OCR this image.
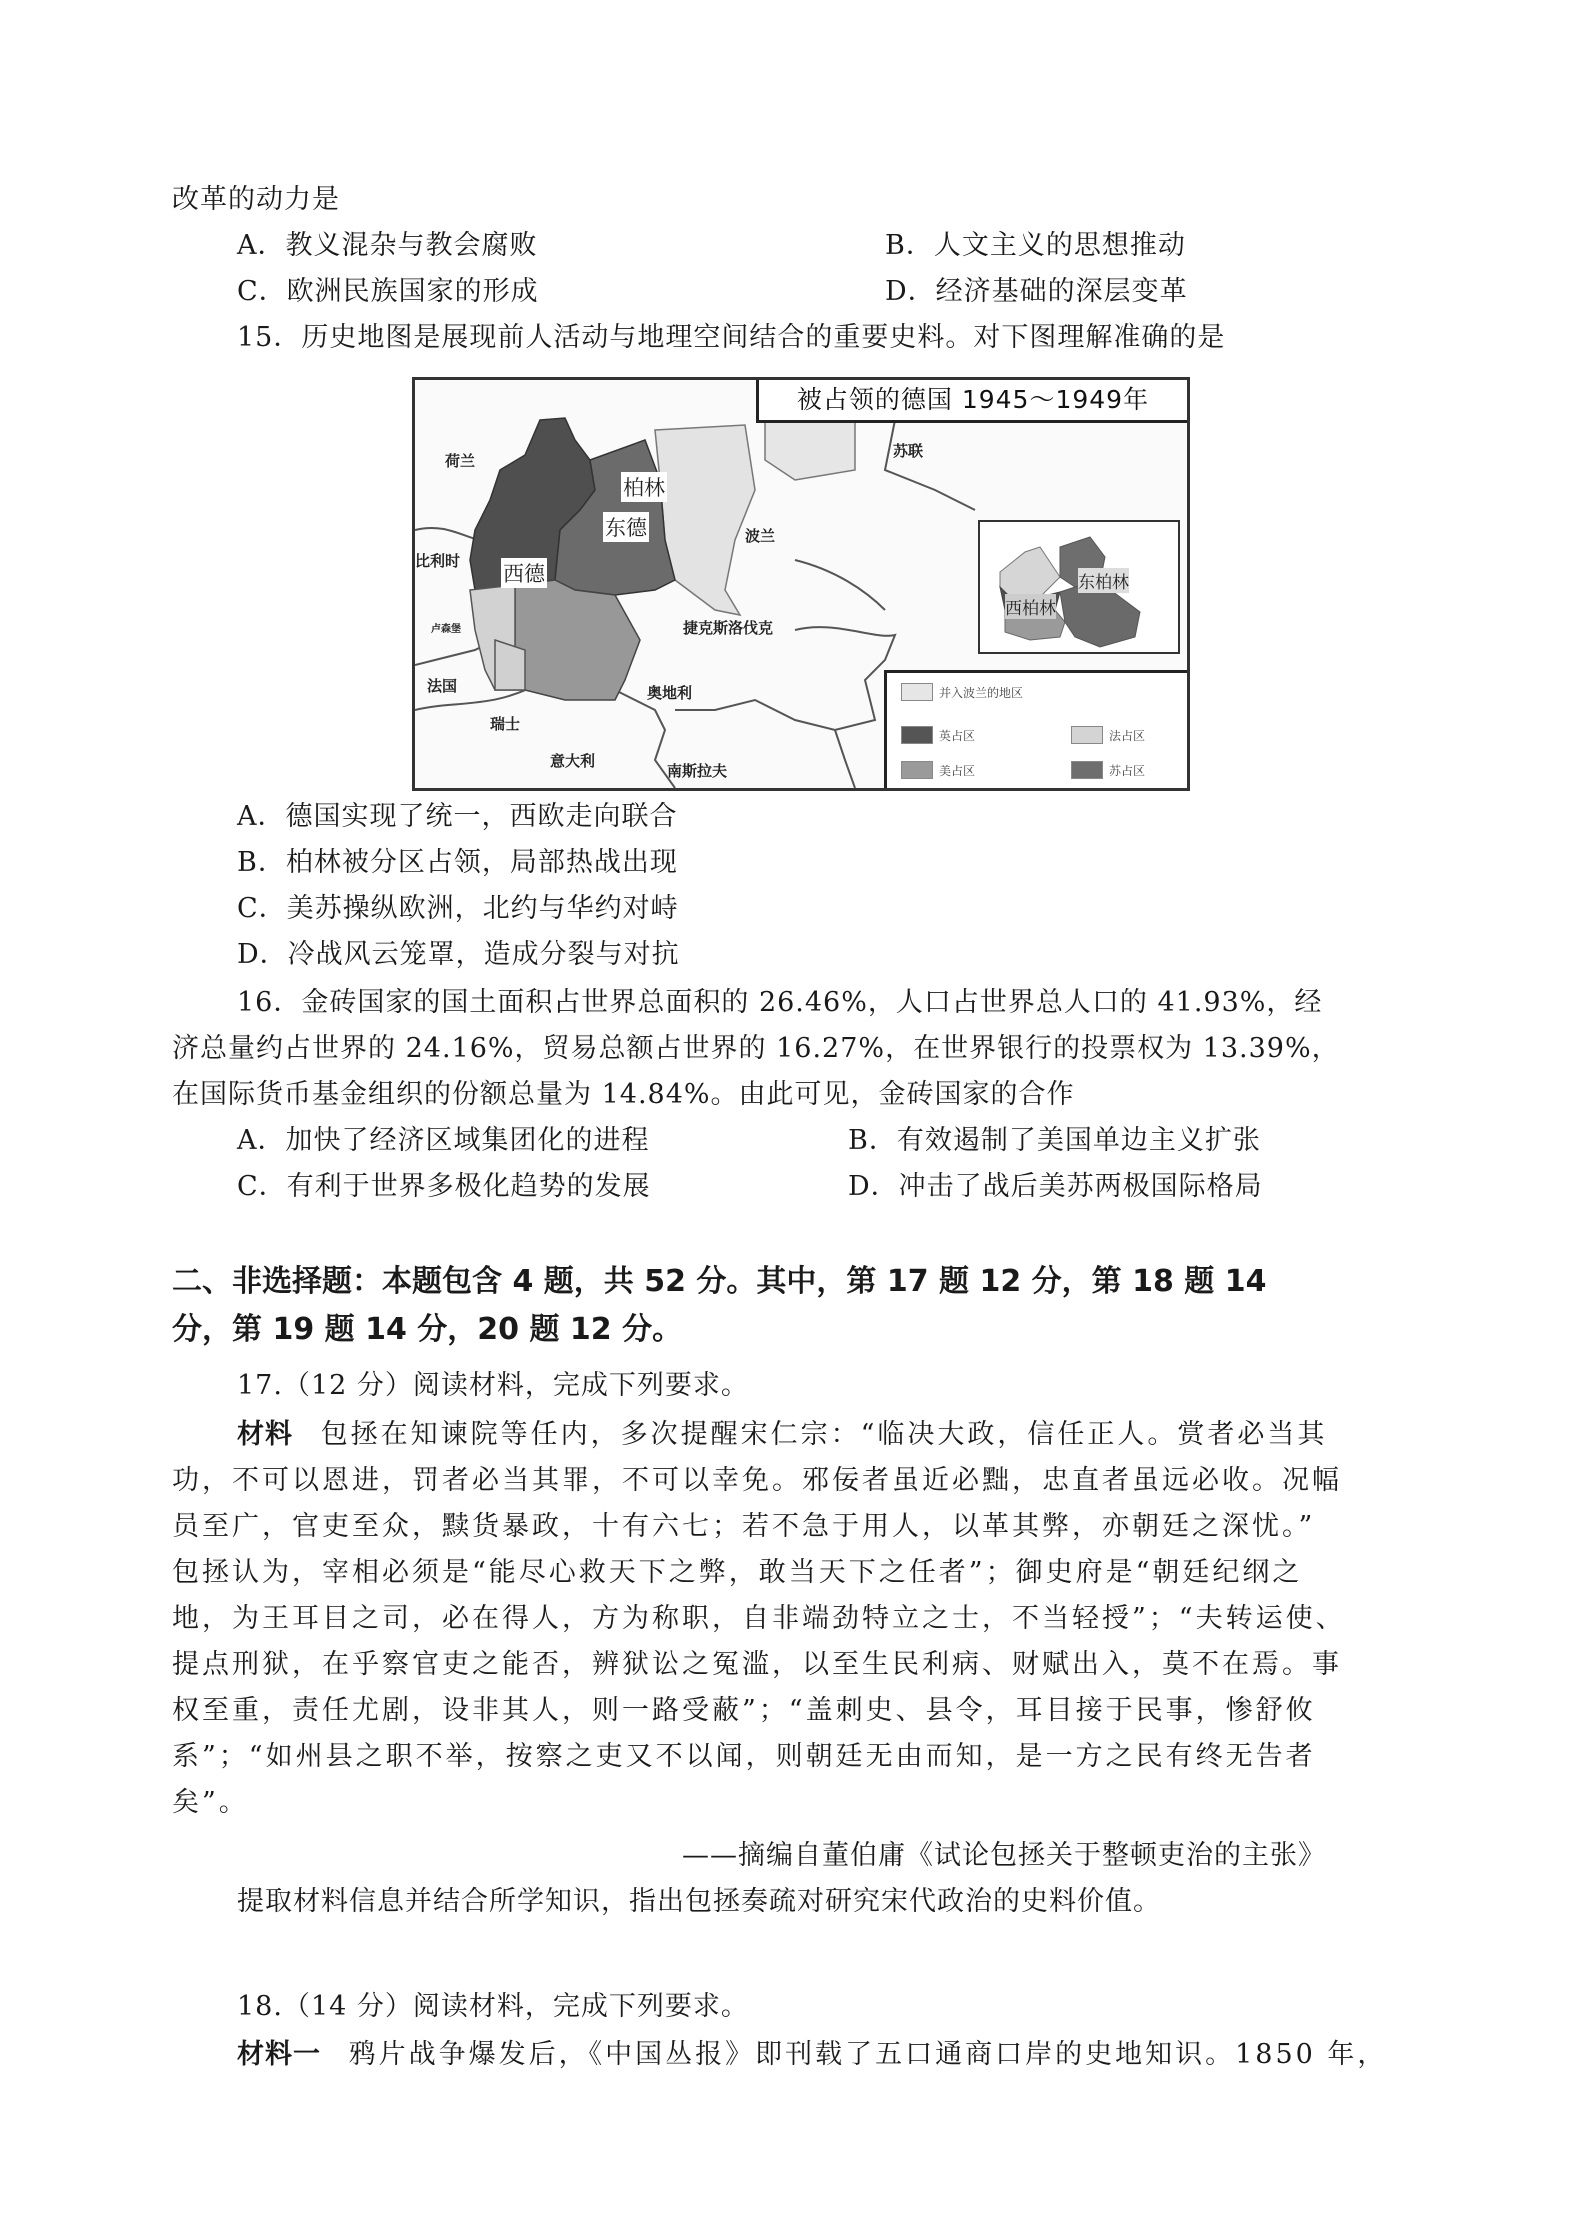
改革的动力是
A．教义混杂与教会腐败	B．人文主义的思想推动
C．欧洲民族国家的形成	D．经济基础的深层变革
15．历史地图是展现前人活动与地理空间结合的重要史料。对下图理解准确的是
被占领的德国 1945～1949年
荷兰
比利时
卢森堡
法国
瑞士
意大利
奥地利
南斯拉夫
捷克斯洛伐克
波兰
苏联
柏林
东德
西德	东柏林
西柏林
并入波兰的地区
英占区	法占区
美占区	苏占区
A．德国实现了统一，西欧走向联合
B．柏林被分区占领，局部热战出现
C．美苏操纵欧洲，北约与华约对峙
D．冷战风云笼罩，造成分裂与对抗
16．金砖国家的国土面积占世界总面积的 26.46%，人口占世界总人口的 41.93%，经
济总量约占世界的 24.16%，贸易总额占世界的 16.27%，在世界银行的投票权为 13.39%，
在国际货币基金组织的份额总量为 14.84%。由此可见，金砖国家的合作
A．加快了经济区域集团化的进程	B．有效遏制了美国单边主义扩张
C．有利于世界多极化趋势的发展	D．冲击了战后美苏两极国际格局
二、非选择题：本题包含 4 题，共 52 分。其中，第 17 题 12 分，第 18 题 14
分，第 19 题 14 分，20 题 12 分。
17.（12 分）阅读材料，完成下列要求。
材料 包拯在知谏院等任内，多次提醒宋仁宗：“临决大政，信任正人。赏者必当其
功，不可以恩进，罚者必当其罪，不可以幸免。邪佞者虽近必黜，忠直者虽远必收。况幅
员至广，官吏至众，黩货暴政，十有六七；若不急于用人，以革其弊，亦朝廷之深忧。”
包拯认为，宰相必须是“能尽心救天下之弊，敢当天下之任者”；御史府是“朝廷纪纲之
地，为王耳目之司，必在得人，方为称职，自非端劲特立之士，不当轻授”；“夫转运使、
提点刑狱，在乎察官吏之能否，辨狱讼之冤滥，以至生民利病、财赋出入，莫不在焉。事
权至重，责任尤剧，设非其人，则一路受蔽”；“盖刺史、县令，耳目接于民事，惨舒攸
系”；“如州县之职不举，按察之吏又不以闻，则朝廷无由而知，是一方之民有终无告者
矣”。
——摘编自董伯庸《试论包拯关于整顿吏治的主张》
提取材料信息并结合所学知识，指出包拯奏疏对研究宋代政治的史料价值。
18.（14 分）阅读材料，完成下列要求。
材料一 鸦片战争爆发后，《中国丛报》即刊载了五口通商口岸的史地知识。1850 年，
